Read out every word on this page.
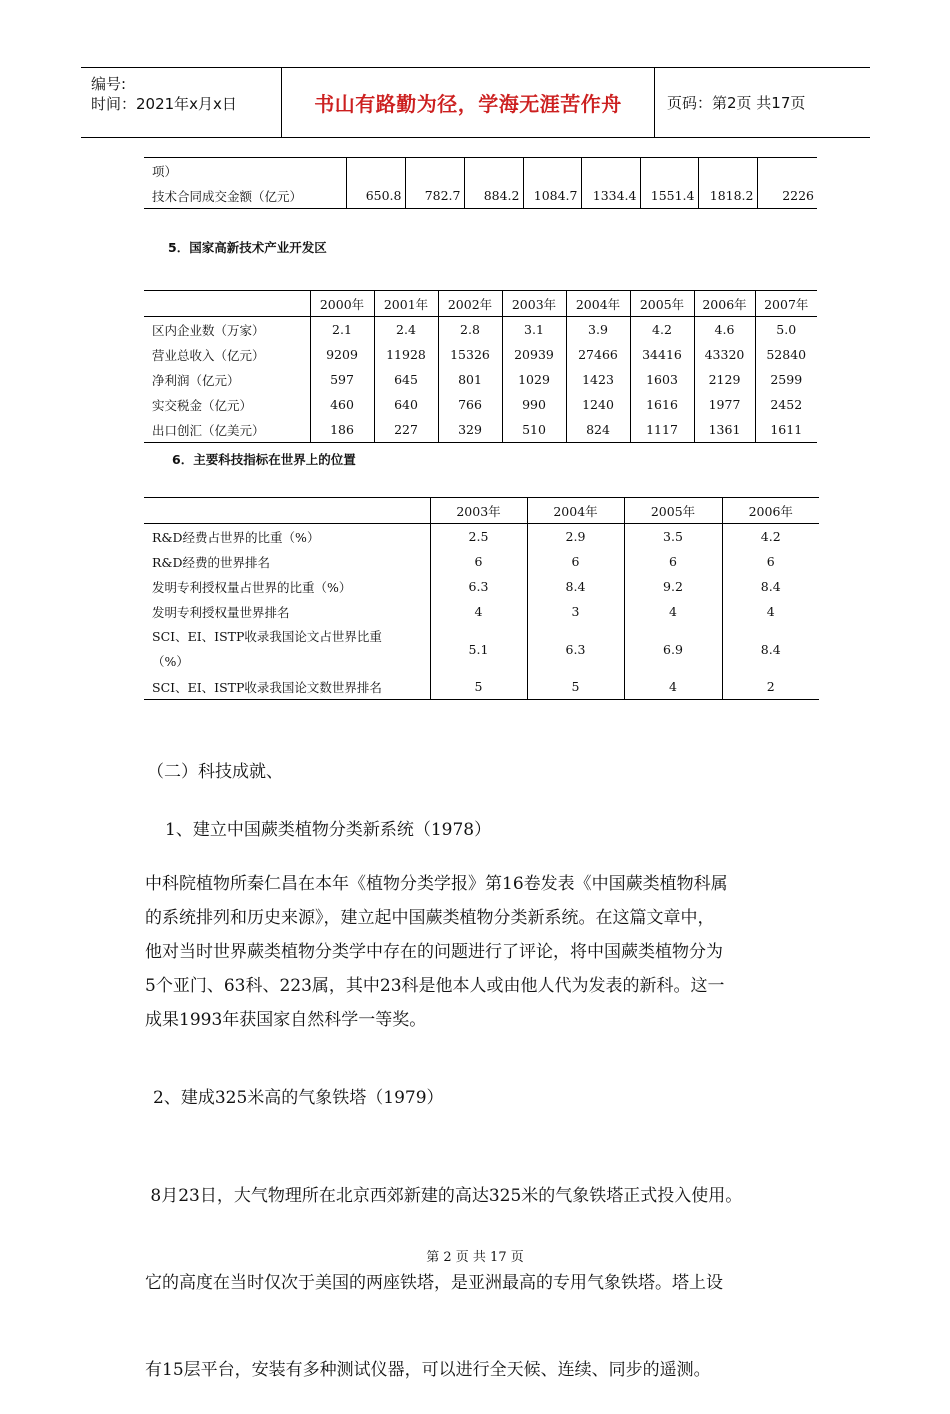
编号:
时间：2021年x月x日	书山有路勤为径，学海无涯苦作舟	页码：第2页 共17页
项）								
技术合同成交金额（亿元）	650.8	782.7	884.2	1084.7	1334.4	1551.4	1818.2	2226
5．国家高新技术产业开发区
	2000年	2001年	2002年	2003年	2004年	2005年	2006年	2007年
区内企业数（万家）	2.1	2.4	2.8	3.1	3.9	4.2	4.6	5.0
营业总收入（亿元）	9209	11928	15326	20939	27466	34416	43320	52840
净利润（亿元）	597	645	801	1029	1423	1603	2129	2599
实交税金（亿元）	460	640	766	990	1240	1616	1977	2452
出口创汇（亿美元）	186	227	329	510	824	1117	1361	1611
6．主要科技指标在世界上的位置
	2003年	2004年	2005年	2006年
R&D经费占世界的比重（%）	2.5	2.9	3.5	4.2
R&D经费的世界排名	6	6	6	6
发明专利授权量占世界的比重（%）	6.3	8.4	9.2	8.4
发明专利授权量世界排名	4	3	4	4

SCI、EI、ISTP收录我国论文占世界比重
（%）	5.1	6.3	6.9	8.4
SCI、EI、ISTP收录我国论文数世界排名	5	5	4	2
（二）科技成就、
1、建立中国蕨类植物分类新系统（1978）
中科院植物所秦仁昌在本年《植物分类学报》第16卷发表《中国蕨类植物科属
的系统排列和历史来源》，建立起中国蕨类植物分类新系统。在这篇文章中，
他对当时世界蕨类植物分类学中存在的问题进行了评论，将中国蕨类植物分为
5个亚门、63科、223属，其中23科是他本人或由他人代为发表的新科。这一
成果1993年获国家自然科学一等奖。
2、建成325米高的气象铁塔（1979）

8月23日，大气物理所在北京西郊新建的高达325米的气象铁塔正式投入使用。

它的高度在当时仅次于美国的两座铁塔，是亚洲最高的专用气象铁塔。塔上设

有15层平台，安装有多种测试仪器，可以进行全天候、连续、同步的遥测。

第 2 页 共 17 页
